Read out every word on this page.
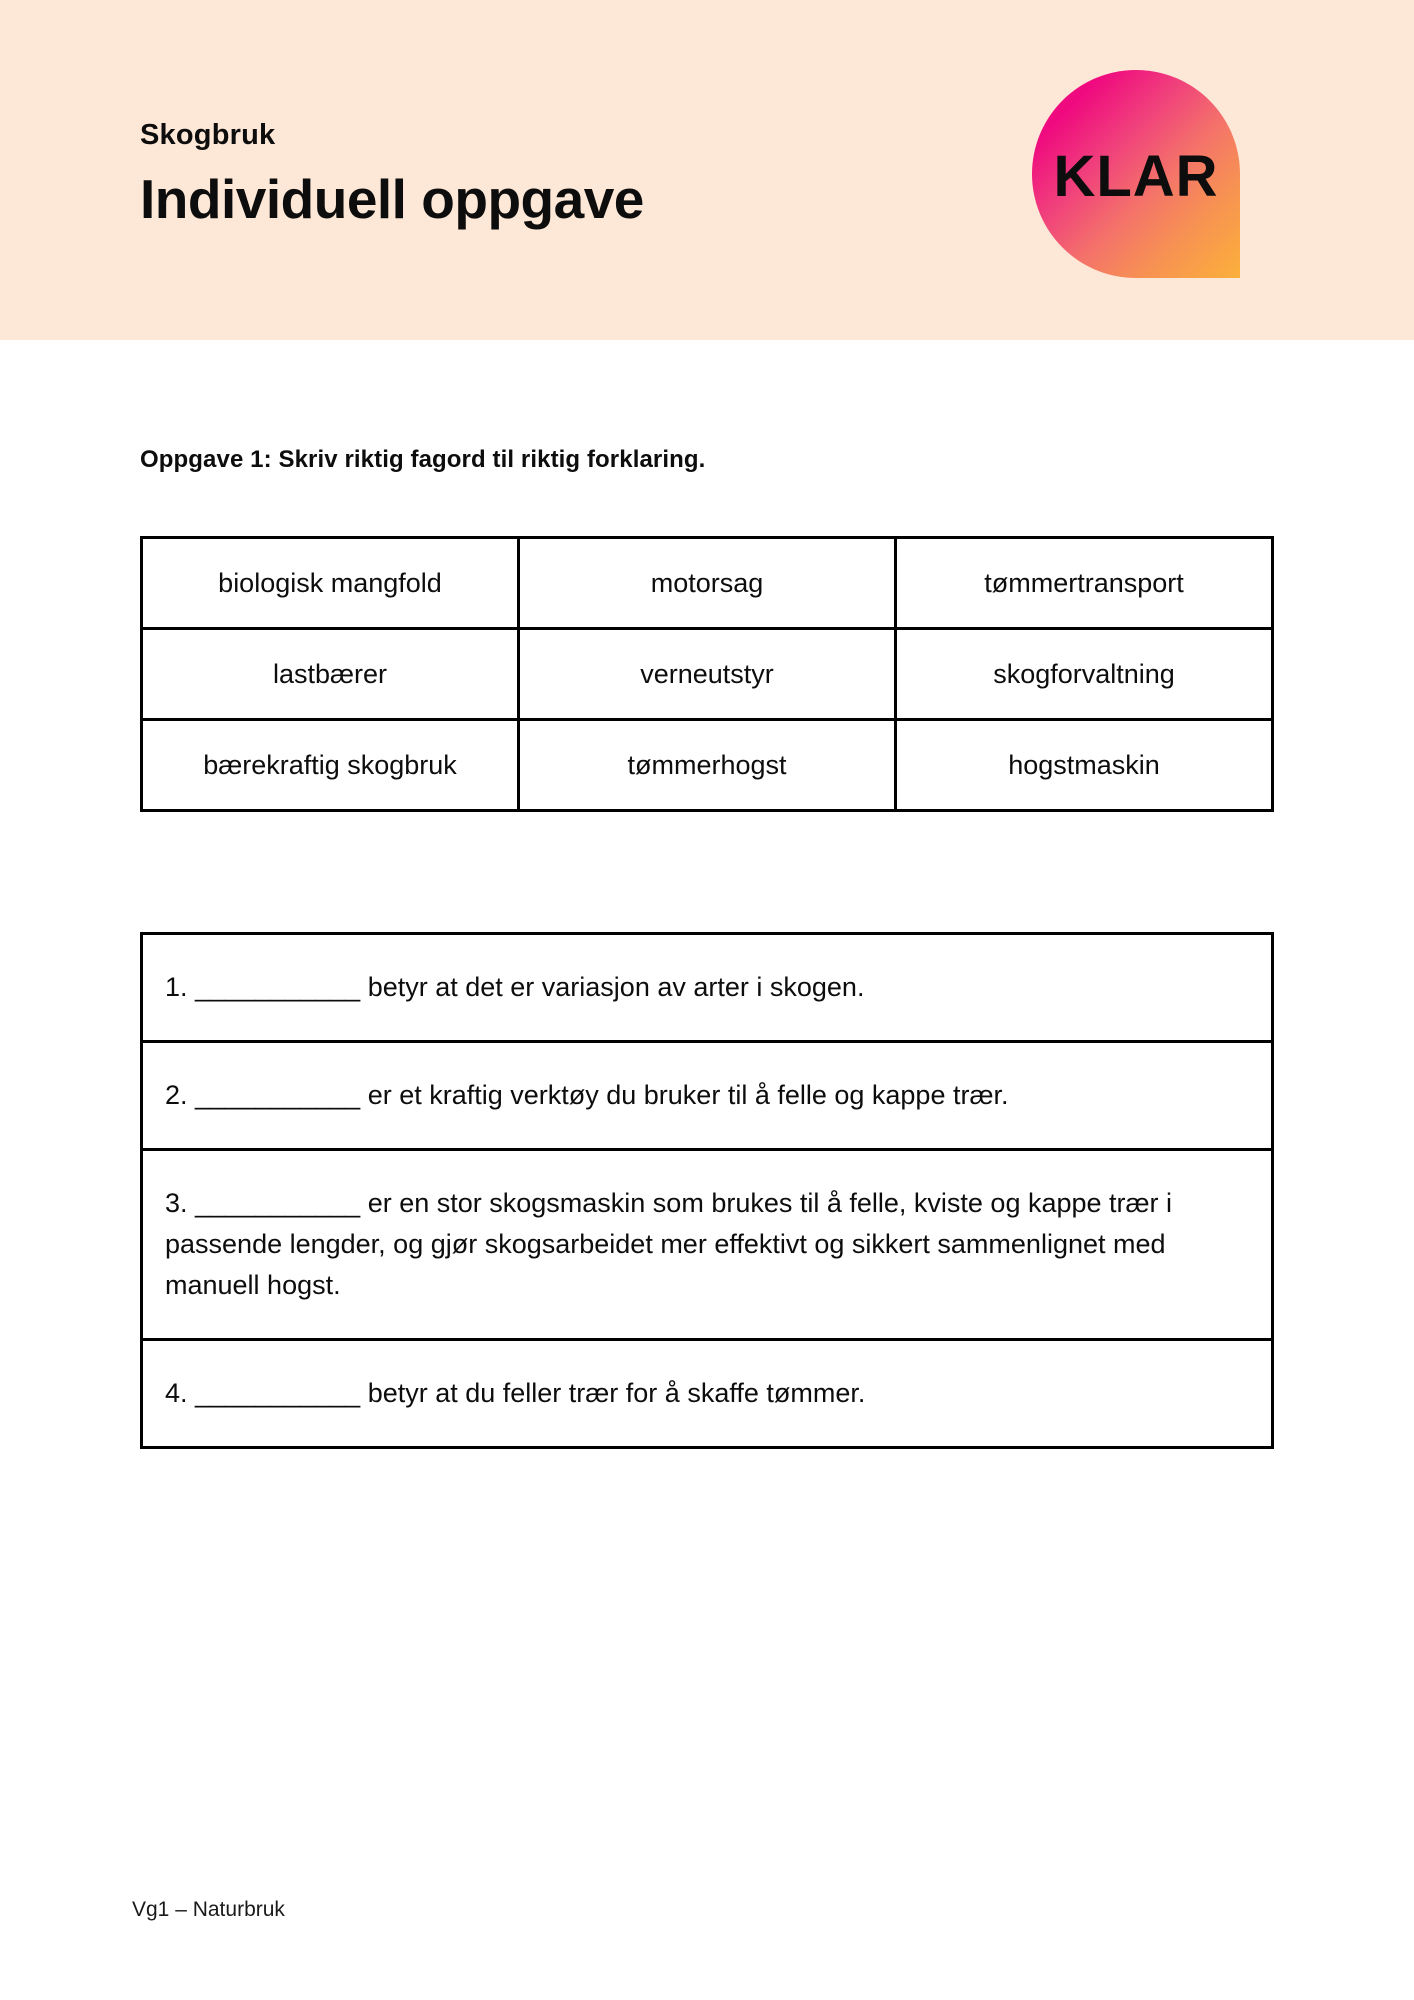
Skogbruk

Individuell oppgave	KLAR

Oppgave 1: Skriv riktig fagord til riktig forklaring.

biologisk mangfold	motorsag	tømmertransport
lastbærer	verneutstyr	skogforvaltning
bærekraftig skogbruk	tømmerhogst	hogstmaskin
1. ___________ betyr at det er variasjon av arter i skogen.
2. ___________ er et kraftig verktøy du bruker til å felle og kappe trær.
3. ___________ er en stor skogsmaskin som brukes til å felle, kviste og kappe trær i passende lengder, og gjør skogsarbeidet mer effektivt og sikkert sammenlignet med manuell hogst.
4. ___________ betyr at du feller trær for å skaffe tømmer.
Vg1 – Naturbruk
